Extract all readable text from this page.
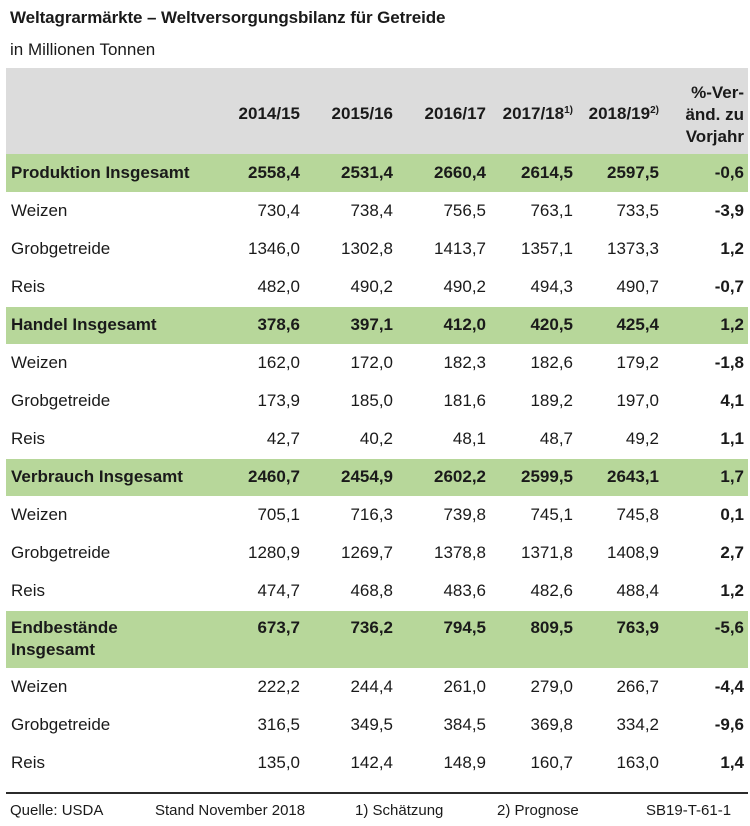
Weltagrarmärkte – Weltversorgungsbilanz für Getreide
in Millionen Tonnen
	2014/15	2015/16	2016/17	2017/18$^{1)}$	2018/19$^{2)}$	%-Ver-änd. zu Vorjahr
Produktion Insgesamt	2558,4	2531,4	2660,4	2614,5	2597,5	-0,6
Weizen	730,4	738,4	756,5	763,1	733,5	-3,9
Grobgetreide	1346,0	1302,8	1413,7	1357,1	1373,3	1,2
Reis	482,0	490,2	490,2	494,3	490,7	-0,7
Handel Insgesamt	378,6	397,1	412,0	420,5	425,4	1,2
Weizen	162,0	172,0	182,3	182,6	179,2	-1,8
Grobgetreide	173,9	185,0	181,6	189,2	197,0	4,1
Reis	42,7	40,2	48,1	48,7	49,2	1,1
Verbrauch Insgesamt	2460,7	2454,9	2602,2	2599,5	2643,1	1,7
Weizen	705,1	716,3	739,8	745,1	745,8	0,1
Grobgetreide	1280,9	1269,7	1378,8	1371,8	1408,9	2,7
Reis	474,7	468,8	483,6	482,6	488,4	1,2
Endbestände Insgesamt	673,7	736,2	794,5	809,5	763,9	-5,6
Weizen	222,2	244,4	261,0	279,0	266,7	-4,4
Grobgetreide	316,5	349,5	384,5	369,8	334,2	-9,6
Reis	135,0	142,4	148,9	160,7	163,0	1,4
Quelle: USDA	Stand November 2018	1) Schätzung	2) Prognose	SB19-T-61-1
